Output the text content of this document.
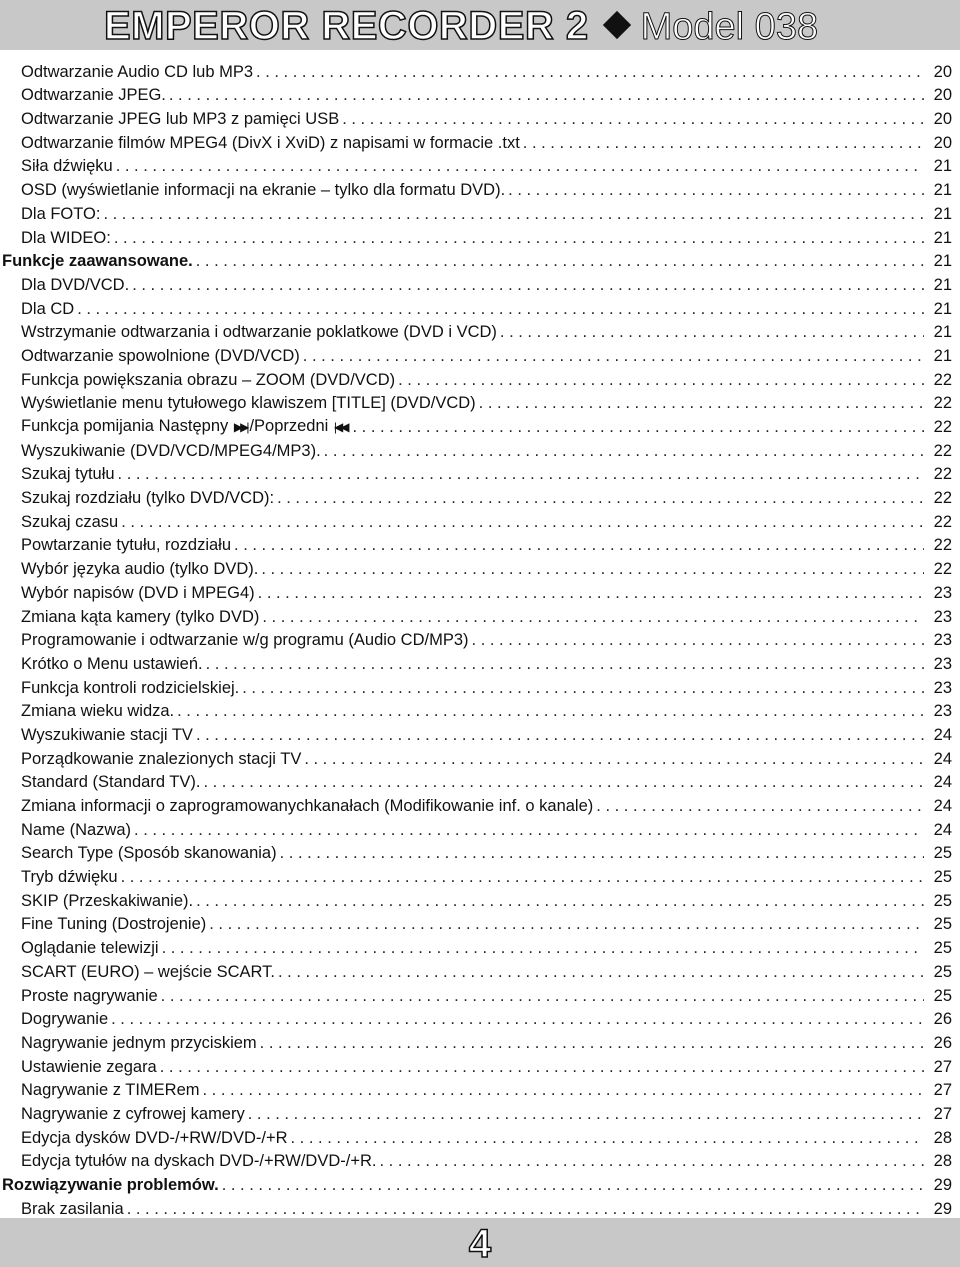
EMPEROR RECORDER 2 Model 038
Odtwarzanie Audio CD lub MP3 . . .	20
Odtwarzanie JPEG. . . .	20
Odtwarzanie JPEG lub MP3 z pamięci USB . . .	20
Odtwarzanie filmów MPEG4 (DivX i XviD) z napisami w formacie .txt . . .	20
Siła dźwięku . . .	21
OSD (wyświetlanie informacji na ekranie – tylko dla formatu DVD). . . .	21
Dla FOTO: . . .	21
Dla WIDEO: . . .	21
Funkcje zaawansowane. . . .	21
Dla DVD/VCD. . . .	21
Dla CD . . .	21
Wstrzymanie odtwarzania i odtwarzanie poklatkowe (DVD i VCD) . . .	21
Odtwarzanie spowolnione (DVD/VCD) . . .	21
Funkcja powiększania obrazu – ZOOM (DVD/VCD) . . .	22
Wyświetlanie menu tytułowego klawiszem [TITLE] (DVD/VCD) . . .	22
Funkcja pomijania Następny ▶▶| /Poprzedni |◀◀ . . .	22
Wyszukiwanie (DVD/VCD/MPEG4/MP3). . . .	22
Szukaj tytułu . . .	22
Szukaj rozdziału (tylko DVD/VCD): . . .	22
Szukaj czasu . . .	22
Powtarzanie tytułu, rozdziału . . .	22
Wybór języka audio (tylko DVD). . . .	22
Wybór napisów (DVD i MPEG4) . . .	23
Zmiana kąta kamery (tylko DVD) . . .	23
Programowanie i odtwarzanie w/g programu (Audio CD/MP3) . . .	23
Krótko o Menu ustawień. . . .	23
Funkcja kontroli rodzicielskiej. . . .	23
Zmiana wieku widza. . . .	23
Wyszukiwanie stacji TV . . .	24
Porządkowanie znalezionych stacji TV . . .	24
Standard (Standard TV). . . .	24
Zmiana informacji o zaprogramowanychkanałach (Modifikowanie inf. o kanale) . . .	24
Name (Nazwa) . . .	24
Search Type (Sposób skanowania) . . .	25
Tryb dźwięku . . .	25
SKIP (Przeskakiwanie). . . .	25
Fine Tuning (Dostrojenie) . . .	25
Oglądanie telewizji . . .	25
SCART (EURO) – wejście SCART. . . .	25
Proste nagrywanie . . .	25
Dogrywanie . . .	26
Nagrywanie jednym przyciskiem . . .	26
Ustawienie zegara . . .	27
Nagrywanie z TIMERem . . .	27
Nagrywanie z cyfrowej kamery . . .	27
Edycja dysków DVD-/+RW/DVD-/+R . . .	28
Edycja tytułów na dyskach DVD-/+RW/DVD-/+R. . . .	28
Rozwiązywanie problemów. . . .	29
Brak zasilania . . .	29
4
